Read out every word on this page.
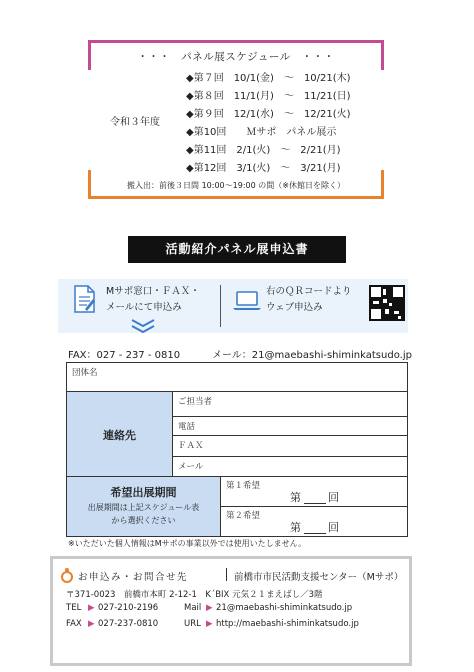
・・・　パネル展スケジュール　・・・
令和３年度
◆第７回　10/1(金)　～　10/21(木)
◆第８回　11/1(月)　～　11/21(日)
◆第９回　12/1(水)　～　12/21(火)
◆第10回　　Ｍサポ　パネル展示
◆第11回　2/1(火)　～　2/21(月)
◆第12回　3/1(火)　～　3/21(月)
搬入出：前後３日間 10:00～19:00 の間（※休館日を除く）
活動紹介パネル展申込書
Mサポ窓口・ＦＡＸ・
メールにて申込み
右のＱＲコードより
ウェブ申込み
FAX：027 - 237 - 0810	メール：21@maebashi-shiminkatsudo.jp
団体名
連絡先
ご担当者
電話
ＦＡＸ
メール
希望出展期間
出展期間は上記スケジュール表
から選択ください
第１希望
第 回
第２希望
第 回
※いただいた個人情報はMサポの事業以外では使用いたしません。
お申込み・お問合せ先	前橋市市民活動支援センター（Mサポ）
〒371-0023　前橋市本町 2-12-1　K´BIX 元気２１まえばし／3階
TEL ▶ 027-210-2196	Mail ▶ 21@maebashi-shiminkatsudo.jp
FAX ▶ 027-237-0810	URL ▶ http://maebashi-shiminkatsudo.jp
